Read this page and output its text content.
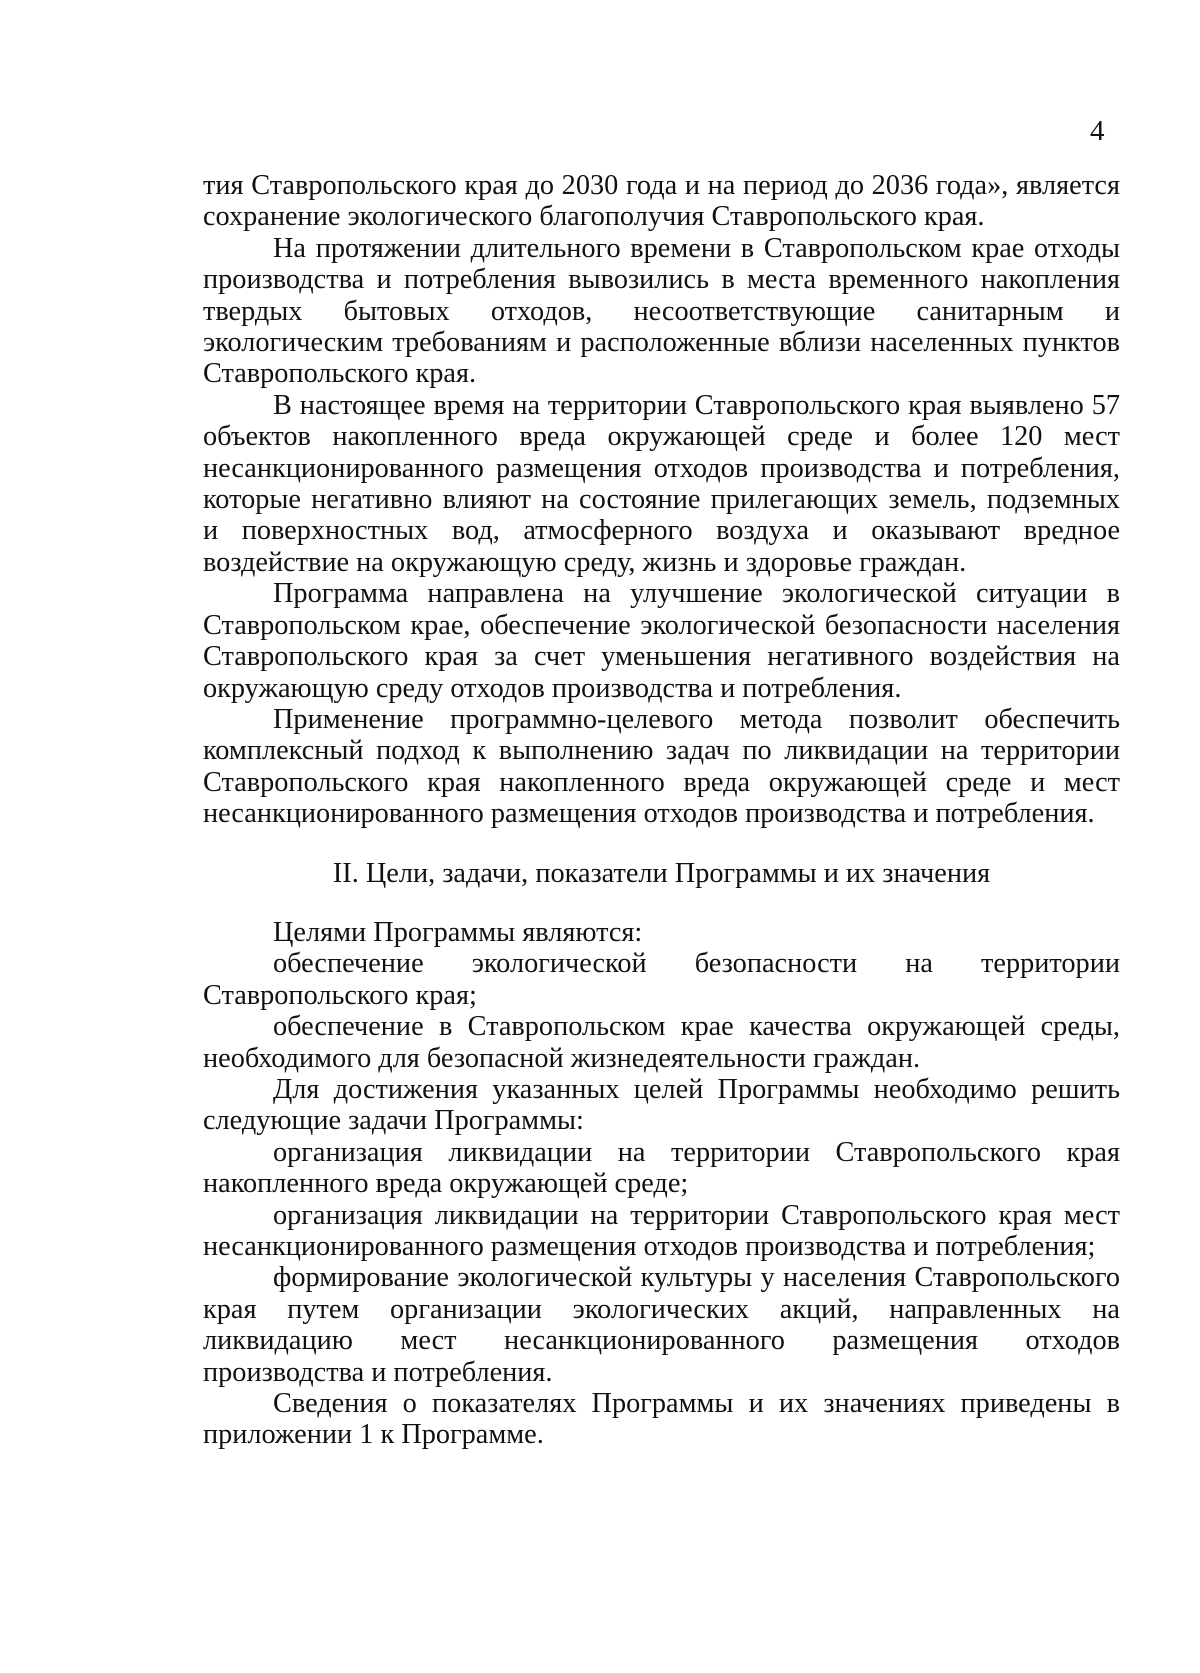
4

тия Ставропольского края до 2030 года и на период до 2036 года», является сохранение экологического благополучия Ставропольского края.

На протяжении длительного времени в Ставропольском крае отходы производства и потребления вывозились в места временного накопления твердых бытовых отходов, несоответствующие санитарным и экологическим требованиям и расположенные вблизи населенных пунктов Ставропольского края.

В настоящее время на территории Ставропольского края выявлено 57 объектов накопленного вреда окружающей среде и более 120 мест несанкционированного размещения отходов производства и потребления, которые негативно влияют на состояние прилегающих земель, подземных и поверхностных вод, атмосферного воздуха и оказывают вредное воздействие на окружающую среду, жизнь и здоровье граждан.

Программа направлена на улучшение экологической ситуации в Ставропольском крае, обеспечение экологической безопасности населения Ставропольского края за счет уменьшения негативного воздействия на окружающую среду отходов производства и потребления.

Применение программно-целевого метода позволит обеспечить комплексный подход к выполнению задач по ликвидации на территории Ставропольского края накопленного вреда окружающей среде и мест несанкционированного размещения отходов производства и потребления.

II. Цели, задачи, показатели Программы и их значения

Целями Программы являются:

обеспечение экологической безопасности на территории Ставропольского края;

обеспечение в Ставропольском крае качества окружающей среды, необходимого для безопасной жизнедеятельности граждан.

Для достижения указанных целей Программы необходимо решить следующие задачи Программы:

организация ликвидации на территории Ставропольского края накопленного вреда окружающей среде;

организация ликвидации на территории Ставропольского края мест несанкционированного размещения отходов производства и потребления;

формирование экологической культуры у населения Ставропольского края путем организации экологических акций, направленных на ликвидацию мест несанкционированного размещения отходов производства и потребления.

Сведения о показателях Программы и их значениях приведены в приложении 1 к Программе.
